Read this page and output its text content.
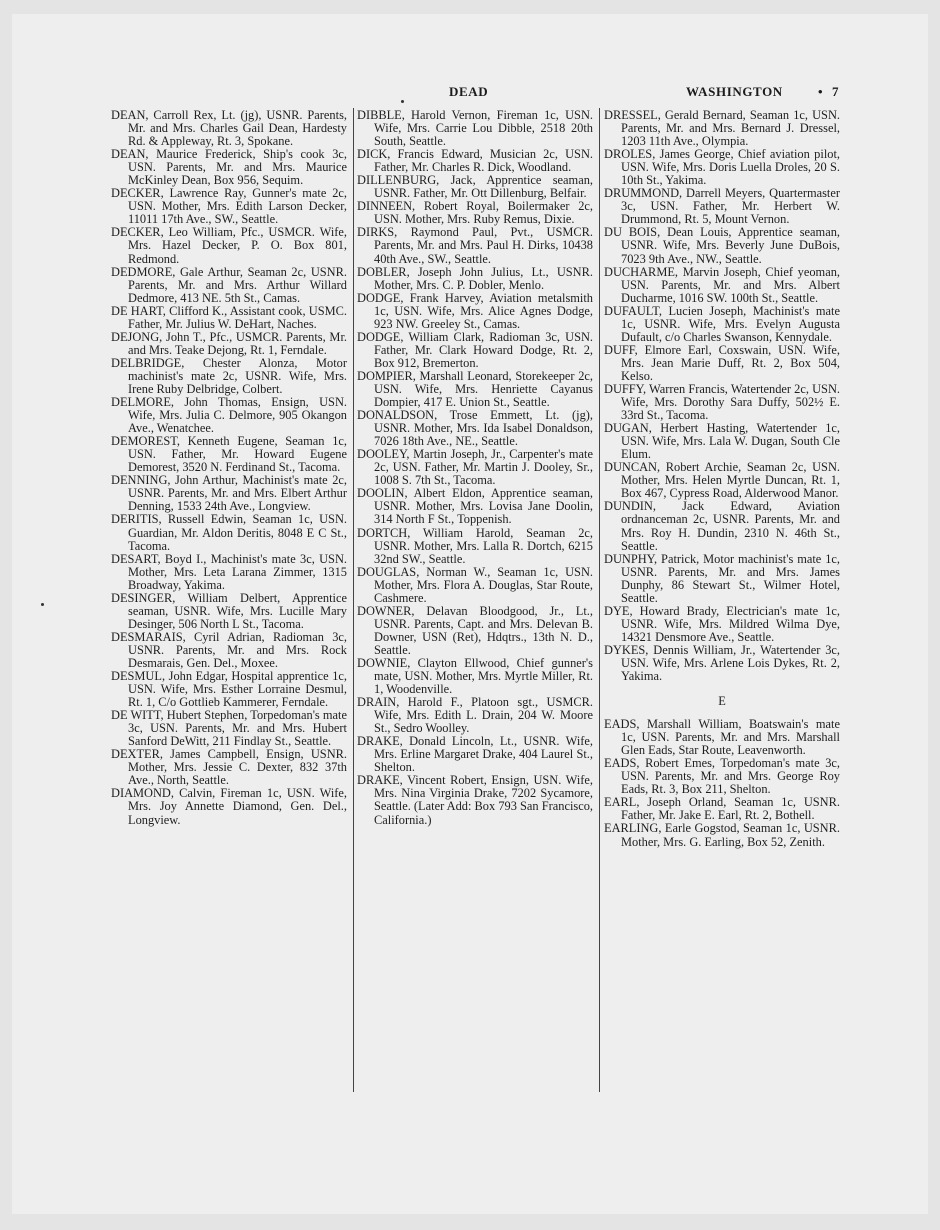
DEAD	WASHINGTON	• 7

DEAN, Carroll Rex, Lt. (jg), USNR. Parents, Mr. and Mrs. Charles Gail Dean, Hardesty Rd. & Appleway, Rt. 3, Spokane.

DEAN, Maurice Frederick, Ship's cook 3c, USN. Parents, Mr. and Mrs. Maurice McKinley Dean, Box 956, Sequim.

DECKER, Lawrence Ray, Gunner's mate 2c, USN. Mother, Mrs. Edith Larson Decker, 11011 17th Ave., SW., Seattle.

DECKER, Leo William, Pfc., USMCR. Wife, Mrs. Hazel Decker, P. O. Box 801, Redmond.

DEDMORE, Gale Arthur, Seaman 2c, USNR. Parents, Mr. and Mrs. Arthur Willard Dedmore, 413 NE. 5th St., Camas.

DE HART, Clifford K., Assistant cook, USMC. Father, Mr. Julius W. DeHart, Naches.

DEJONG, John T., Pfc., USMCR. Parents, Mr. and Mrs. Teake Dejong, Rt. 1, Ferndale.

DELBRIDGE, Chester Alonza, Motor machinist's mate 2c, USNR. Wife, Mrs. Irene Ruby Delbridge, Colbert.

DELMORE, John Thomas, Ensign, USN. Wife, Mrs. Julia C. Delmore, 905 Okangon Ave., Wenatchee.

DEMOREST, Kenneth Eugene, Seaman 1c, USN. Father, Mr. Howard Eugene Demorest, 3520 N. Ferdinand St., Tacoma.

DENNING, John Arthur, Machinist's mate 2c, USNR. Parents, Mr. and Mrs. Elbert Arthur Denning, 1533 24th Ave., Longview.

DERITIS, Russell Edwin, Seaman 1c, USN. Guardian, Mr. Aldon Deritis, 8048 E C St., Tacoma.

DESART, Boyd I., Machinist's mate 3c, USN. Mother, Mrs. Leta Larana Zimmer, 1315 Broadway, Yakima.

DESINGER, William Delbert, Apprentice seaman, USNR. Wife, Mrs. Lucille Mary Desinger, 506 North L St., Tacoma.

DESMARAIS, Cyril Adrian, Radioman 3c, USNR. Parents, Mr. and Mrs. Rock Desmarais, Gen. Del., Moxee.

DESMUL, John Edgar, Hospital apprentice 1c, USN. Wife, Mrs. Esther Lorraine Desmul, Rt. 1, C/o Gottlieb Kammerer, Ferndale.

DE WITT, Hubert Stephen, Torpedoman's mate 3c, USN. Parents, Mr. and Mrs. Hubert Sanford DeWitt, 211 Findlay St., Seattle.

DEXTER, James Campbell, Ensign, USNR. Mother, Mrs. Jessie C. Dexter, 832 37th Ave., North, Seattle.

DIAMOND, Calvin, Fireman 1c, USN. Wife, Mrs. Joy Annette Diamond, Gen. Del., Longview.

DIBBLE, Harold Vernon, Fireman 1c, USN. Wife, Mrs. Carrie Lou Dibble, 2518 20th South, Seattle.

DICK, Francis Edward, Musician 2c, USN. Father, Mr. Charles R. Dick, Woodland.

DILLENBURG, Jack, Apprentice seaman, USNR. Father, Mr. Ott Dillenburg, Belfair.

DINNEEN, Robert Royal, Boilermaker 2c, USN. Mother, Mrs. Ruby Remus, Dixie.

DIRKS, Raymond Paul, Pvt., USMCR. Parents, Mr. and Mrs. Paul H. Dirks, 10438 40th Ave., SW., Seattle.

DOBLER, Joseph John Julius, Lt., USNR. Mother, Mrs. C. P. Dobler, Menlo.

DODGE, Frank Harvey, Aviation metalsmith 1c, USN. Wife, Mrs. Alice Agnes Dodge, 923 NW. Greeley St., Camas.

DODGE, William Clark, Radioman 3c, USN. Father, Mr. Clark Howard Dodge, Rt. 2, Box 912, Bremerton.

DOMPIER, Marshall Leonard, Storekeeper 2c, USN. Wife, Mrs. Henriette Cayanus Dompier, 417 E. Union St., Seattle.

DONALDSON, Trose Emmett, Lt. (jg), USNR. Mother, Mrs. Ida Isabel Donaldson, 7026 18th Ave., NE., Seattle.

DOOLEY, Martin Joseph, Jr., Carpenter's mate 2c, USN. Father, Mr. Martin J. Dooley, Sr., 1008 S. 7th St., Tacoma.

DOOLIN, Albert Eldon, Apprentice seaman, USNR. Mother, Mrs. Lovisa Jane Doolin, 314 North F St., Toppenish.

DORTCH, William Harold, Seaman 2c, USNR. Mother, Mrs. Lalla R. Dortch, 6215 32nd SW., Seattle.

DOUGLAS, Norman W., Seaman 1c, USN. Mother, Mrs. Flora A. Douglas, Star Route, Cashmere.

DOWNER, Delavan Bloodgood, Jr., Lt., USNR. Parents, Capt. and Mrs. Delevan B. Downer, USN (Ret), Hdqtrs., 13th N. D., Seattle.

DOWNIE, Clayton Ellwood, Chief gunner's mate, USN. Mother, Mrs. Myrtle Miller, Rt. 1, Woodenville.

DRAIN, Harold F., Platoon sgt., USMCR. Wife, Mrs. Edith L. Drain, 204 W. Moore St., Sedro Woolley.

DRAKE, Donald Lincoln, Lt., USNR. Wife, Mrs. Erline Margaret Drake, 404 Laurel St., Shelton.

DRAKE, Vincent Robert, Ensign, USN. Wife, Mrs. Nina Virginia Drake, 7202 Sycamore, Seattle. (Later Add: Box 793 San Francisco, California.)

DRESSEL, Gerald Bernard, Seaman 1c, USN. Parents, Mr. and Mrs. Bernard J. Dressel, 1203 11th Ave., Olympia.

DROLES, James George, Chief aviation pilot, USN. Wife, Mrs. Doris Luella Droles, 20 S. 10th St., Yakima.

DRUMMOND, Darrell Meyers, Quartermaster 3c, USN. Father, Mr. Herbert W. Drummond, Rt. 5, Mount Vernon.

DU BOIS, Dean Louis, Apprentice seaman, USNR. Wife, Mrs. Beverly June DuBois, 7023 9th Ave., NW., Seattle.

DUCHARME, Marvin Joseph, Chief yeoman, USN. Parents, Mr. and Mrs. Albert Ducharme, 1016 SW. 100th St., Seattle.

DUFAULT, Lucien Joseph, Machinist's mate 1c, USNR. Wife, Mrs. Evelyn Augusta Dufault, c/o Charles Swanson, Kennydale.

DUFF, Elmore Earl, Coxswain, USN. Wife, Mrs. Jean Marie Duff, Rt. 2, Box 504, Kelso.

DUFFY, Warren Francis, Watertender 2c, USN. Wife, Mrs. Dorothy Sara Duffy, 502½ E. 33rd St., Tacoma.

DUGAN, Herbert Hasting, Watertender 1c, USN. Wife, Mrs. Lala W. Dugan, South Cle Elum.

DUNCAN, Robert Archie, Seaman 2c, USN. Mother, Mrs. Helen Myrtle Duncan, Rt. 1, Box 467, Cypress Road, Alderwood Manor.

DUNDIN, Jack Edward, Aviation ordnanceman 2c, USNR. Parents, Mr. and Mrs. Roy H. Dundin, 2310 N. 46th St., Seattle.

DUNPHY, Patrick, Motor machinist's mate 1c, USNR. Parents, Mr. and Mrs. James Dunphy, 86 Stewart St., Wilmer Hotel, Seattle.

DYE, Howard Brady, Electrician's mate 1c, USNR. Wife, Mrs. Mildred Wilma Dye, 14321 Densmore Ave., Seattle.

DYKES, Dennis William, Jr., Watertender 3c, USN. Wife, Mrs. Arlene Lois Dykes, Rt. 2, Yakima.

E

EADS, Marshall William, Boatswain's mate 1c, USN. Parents, Mr. and Mrs. Marshall Glen Eads, Star Route, Leavenworth.

EADS, Robert Emes, Torpedoman's mate 3c, USN. Parents, Mr. and Mrs. George Roy Eads, Rt. 3, Box 211, Shelton.

EARL, Joseph Orland, Seaman 1c, USNR. Father, Mr. Jake E. Earl, Rt. 2, Bothell.

EARLING, Earle Gogstod, Seaman 1c, USNR. Mother, Mrs. G. Earling, Box 52, Zenith.
